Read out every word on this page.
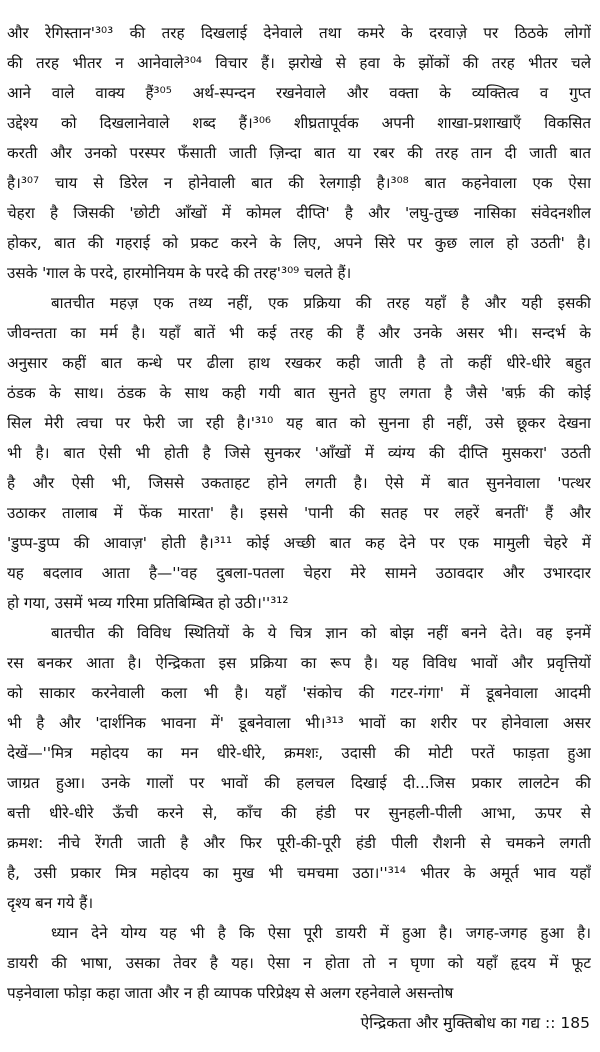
और रेगिस्तान'³⁰³ की तरह दिखलाई देनेवाले तथा कमरे के दरवाज़े पर ठिठके लोगों
की तरह भीतर न आनेवाले³⁰⁴ विचार हैं। झरोखे से हवा के झोंकों की तरह भीतर चले
आने वाले वाक्य हैं³⁰⁵ अर्थ-स्पन्दन रखनेवाले और वक्ता के व्यक्तित्व व गुप्त
उद्देश्य को दिखलानेवाले शब्द हैं।³⁰⁶ शीघ्रतापूर्वक अपनी शाखा-प्रशाखाएँ विकसित
करती और उनको परस्पर फँसाती जाती ज़िन्दा बात या रबर की तरह तान दी जाती बात
है।³⁰⁷ चाय से डिरेल न होनेवाली बात की रेलगाड़ी है।³⁰⁸ बात कहनेवाला एक ऐसा
चेहरा है जिसकी 'छोटी आँखों में कोमल दीप्ति' है और 'लघु-तुच्छ नासिका संवेदनशील
होकर, बात की गहराई को प्रकट करने के लिए, अपने सिरे पर कुछ लाल हो उठती' है।
उसके 'गाल के परदे, हारमोनियम के परदे की तरह'³⁰⁹ चलते हैं।
बातचीत महज़ एक तथ्य नहीं, एक प्रक्रिया की तरह यहाँ है और यही इसकी
जीवन्तता का मर्म है। यहाँ बातें भी कई तरह की हैं और उनके असर भी। सन्दर्भ के
अनुसार कहीं बात कन्धे पर ढीला हाथ रखकर कही जाती है तो कहीं धीरे-धीरे बहुत
ठंडक के साथ। ठंडक के साथ कही गयी बात सुनते हुए लगता है जैसे 'बर्फ़ की कोई
सिल मेरी त्वचा पर फेरी जा रही है।'³¹⁰ यह बात को सुनना ही नहीं, उसे छूकर देखना
भी है। बात ऐसी भी होती है जिसे सुनकर 'आँखों में व्यंग्य की दीप्ति मुसकरा' उठती
है और ऐसी भी, जिससे उकताहट होने लगती है। ऐसे में बात सुननेवाला 'पत्थर
उठाकर तालाब में फेंक मारता' है। इससे 'पानी की सतह पर लहरें बनतीं' हैं और
'डुप्प-डुप्प की आवाज़' होती है।³¹¹ कोई अच्छी बात कह देने पर एक मामुली चेहरे में
यह बदलाव आता है—''वह दुबला-पतला चेहरा मेरे सामने उठावदार और उभारदार
हो गया, उसमें भव्य गरिमा प्रतिबिम्बित हो उठी।''³¹²
बातचीत की विविध स्थितियों के ये चित्र ज्ञान को बोझ नहीं बनने देते। वह इनमें
रस बनकर आता है। ऐन्द्रिकता इस प्रक्रिया का रूप है। यह विविध भावों और प्रवृत्तियों
को साकार करनेवाली कला भी है। यहाँ 'संकोच की गटर-गंगा' में डूबनेवाला आदमी
भी है और 'दार्शनिक भावना में' डूबनेवाला भी।³¹³ भावों का शरीर पर होनेवाला असर
देखें—''मित्र महोदय का मन धीरे-धीरे, क्रमशः, उदासी की मोटी परतें फाड़ता हुआ
जाग्रत हुआ। उनके गालों पर भावों की हलचल दिखाई दी...जिस प्रकार लालटेन की
बत्ती धीरे-धीरे ऊँची करने से, काँच की हंडी पर सुनहली-पीली आभा, ऊपर से
क्रमश: नीचे रेंगती जाती है और फिर पूरी-की-पूरी हंडी पीली रौशनी से चमकने लगती
है, उसी प्रकार मित्र महोदय का मुख भी चमचमा उठा।''³¹⁴ भीतर के अमूर्त भाव यहाँ
दृश्य बन गये हैं।
ध्यान देने योग्य यह भी है कि ऐसा पूरी डायरी में हुआ है। जगह-जगह हुआ है।
डायरी की भाषा, उसका तेवर है यह। ऐसा न होता तो न घृणा को यहाँ हृदय में फूट
पड़नेवाला फोड़ा कहा जाता और न ही व्यापक परिप्रेक्ष्य से अलग रहनेवाले असन्तोष
ऐन्द्रिकता और मुक्तिबोध का गद्य :: 185
